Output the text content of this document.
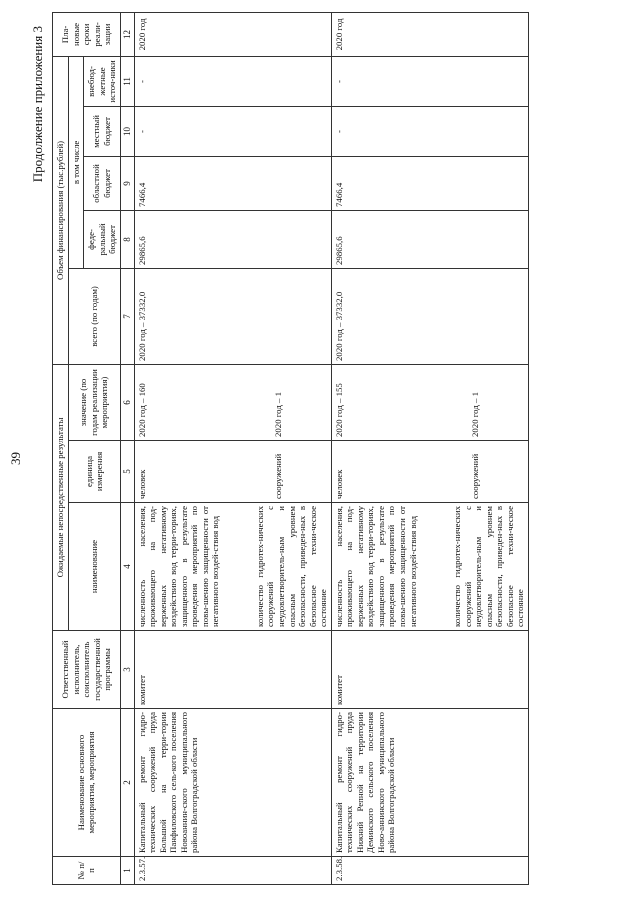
39
Продолжение приложения 3
№ п/п	Наименование основного мероприятия, мероприятия	Ответственный исполнитель, соисполнитель государственной программы	Ожидаемые непосредственные результаты			Объем финансирования (тыс.рублей)					Пла-новые сроки реали-зации
			наименование	единица измерения	значение (по годам реализации мероприятия)	всего (по годам)	в том числе				
							феде-ральный бюджет	областной бюджет	местный бюджет	внебюд-жетные источ-ники	
1	2	3	4	5	6	7	8	9	10	11	12
2.3.57.	Капитальный ремонт гидро-технических сооружений пруда Большой на терри-тории Панфиловского сель-кого поселения Новоаннин-ского муниципального района Волгоградской области	комитет	численность населения, проживающего на под-верженных негативному воздействию вод терри-ториях, защищенного в результате проведения мероприятий по повы-шению защищенности от негативного воздей-ствия вод количество гидротех-нических сооружений с неудовлетворитель-ным и опасным уровнем безопасности, приведен-ных в безопасное техни-ческое состояние	человек сооружений	2020 год – 160 2020 год – 1	2020 год – 37332,0	29865,6	7466,4	-	-	2020 год
2.3.58.	Капитальный ремонт гидро-технических сооружений пруда Нижний Репной на территории Деминского сельского поселения Ново-аннинского муниципального района Волгоградской области	комитет	численность населения, проживающего на под-верженных негативному воздействию вод терри-ториях, защищенного в результате проведения мероприятий по повы-шению защищенности от негативного воздей-ствия вод количество гидротех-нических сооружений с неудовлетворитель-ным и опасным уровнем безопасности, приведен-ных в безопасное техни-ческое состояние	человек сооружений	2020 год – 155 2020 год – 1	2020 год – 37332,0	29865,6	7466,4	-	-	2020 год
